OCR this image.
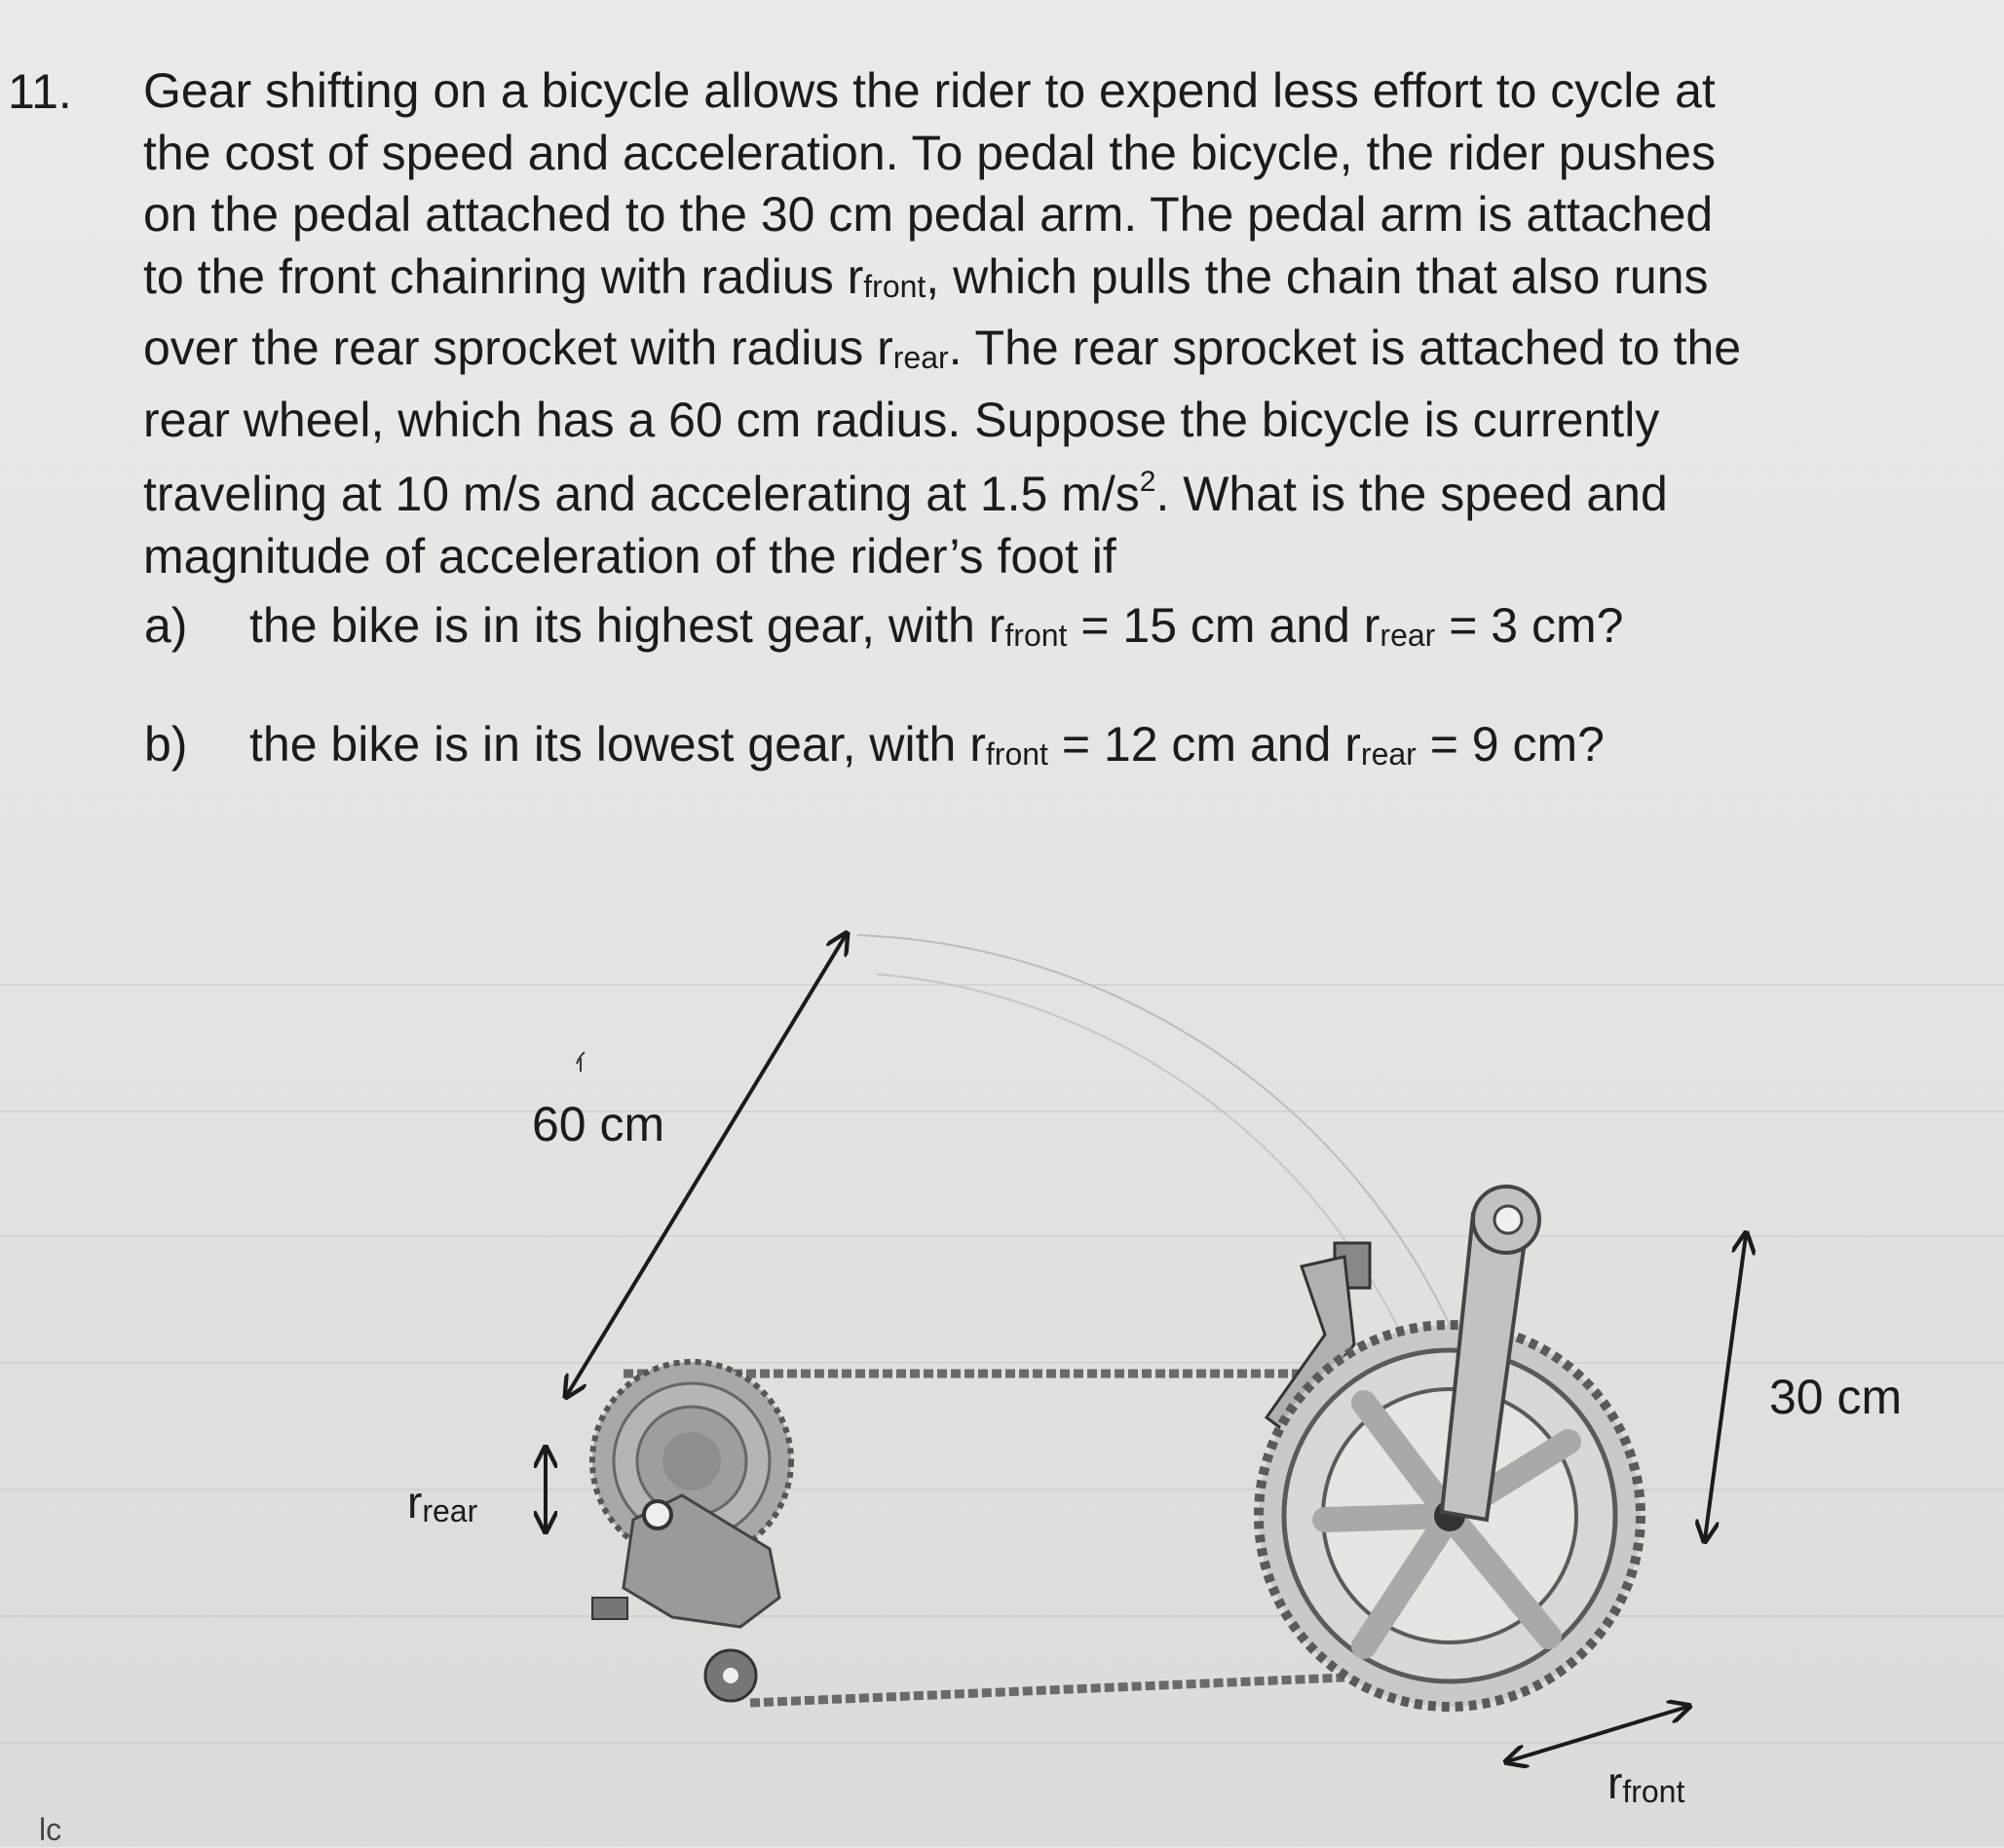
11. Gear shifting on a bicycle allows the rider to expend less effort to cycle at
the cost of speed and acceleration. To pedal the bicycle, the rider pushes
on the pedal attached to the 30 cm pedal arm. The pedal arm is attached
to the front chainring with radius rfront, which pulls the chain that also runs
over the rear sprocket with radius rrear. The rear sprocket is attached to the
rear wheel, which has a 60 cm radius. Suppose the bicycle is currently
traveling at 10 m/s and accelerating at 1.5 $m/s^2$. What is the speed and
magnitude of acceleration of the rider’s foot if

a) the bike is in its highest gear, with rfront = 15 cm and rrear = 3 cm?
b) the bike is in its lowest gear, with rfront = 12 cm and rrear = 9 cm?
60 cm
30 cm
rrear
rfront
lc
